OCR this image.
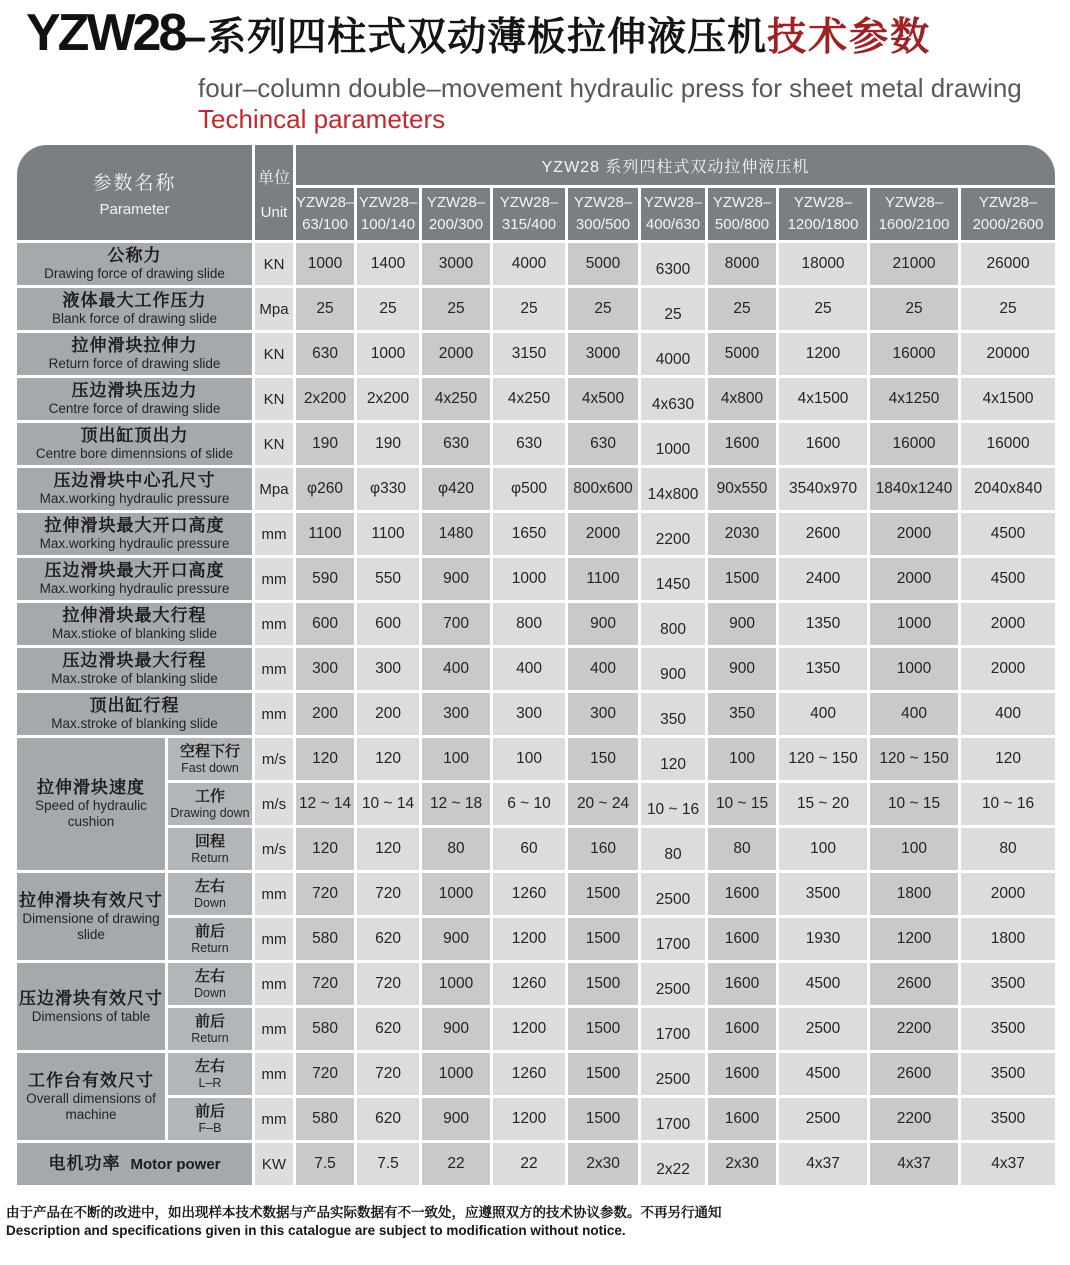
YZW28–系列四柱式双动薄板拉伸液压机技术参数
four–column double–movement hydraulic press for sheet metal drawing
Techincal parameters
参数名称
Parameter

单位
Unit
	YZW28 系列四柱式双动拉伸液压机

YZW28–
63/100

YZW28–
100/140

YZW28–
200/300

YZW28–
315/400

YZW28–
300/500

YZW28–
400/630

YZW28–
500/800

YZW28–
1200/1800

YZW28–
1600/2100

YZW28–
2000/2600

公称力
Drawing force of drawing slide		KN	1000	1400	3000	4000	5000	6300	8000	18000	21000	26000

液体最大工作压力
Blank force of drawing slide		Mpa	25	25	25	25	25	25	25	25	25	25

拉伸滑块拉伸力
Return force of drawing slide		KN	630	1000	2000	3150	3000	4000	5000	1200	16000	20000

压边滑块压边力
Centre force of drawing slide		KN	2x200	2x200	4x250	4x250	4x500	4x630	4x800	4x1500	4x1250	4x1500

顶出缸顶出力
Centre bore dimennsions of slide		KN	190	190	630	630	630	1000	1600	1600	16000	16000

压边滑块中心孔尺寸
Max.working hydraulic pressure		Mpa	φ260	φ330	φ420	φ500	800x600	14x800	90x550	3540x970	1840x1240	2040x840

拉伸滑块最大开口高度
Max.working hydraulic pressure		mm	1100	1100	1480	1650	2000	2200	2030	2600	2000	4500

压边滑块最大开口高度
Max.working hydraulic pressure		mm	590	550	900	1000	1100	1450	1500	2400	2000	4500

拉伸滑块最大行程
Max.stioke of blanking slide		mm	600	600	700	800	900	800	900	1350	1000	2000

压边滑块最大行程
Max.stroke of blanking slide		mm	300	300	400	400	400	900	900	1350	1000	2000

顶出缸行程
Max.stroke of blanking slide		mm	200	200	300	300	300	350	350	400	400	400

拉伸滑块速度
Speed of hydraulic cushion

空程下行
Fast down	m/s	120	120	100	100	150	120	100	120 ~ 150	120 ~ 150	120

	工作
Drawing down	m/s	12 ~ 14	10 ~ 14	12 ~ 18	6 ~ 10	20 ~ 24	10 ~ 16	10 ~ 15	15 ~ 20	10 ~ 15	10 ~ 16

	回程
Return	m/s	120	120	80	60	160	80	80	100	100	80

拉伸滑块有效尺寸
Dimensione of drawing slide

左右
Down	mm	720	720	1000	1260	1500	2500	1600	3500	1800	2000

	前后
Return	mm	580	620	900	1200	1500	1700	1600	1930	1200	1800

压边滑块有效尺寸
Dimensions of table

左右
Down	mm	720	720	1000	1260	1500	2500	1600	4500	2600	3500

	前后
Return	mm	580	620	900	1200	1500	1700	1600	2500	2200	3500

工作台有效尺寸
Overall dimensions of machine

左右
L–R	mm	720	720	1000	1260	1500	2500	1600	4500	2600	3500

	前后
F–B	mm	580	620	900	1200	1500	1700	1600	2500	2200	3500
电机功率 Motor power		KW	7.5	7.5	22	22	2x30	2x22	2x30	4x37	4x37	4x37
由于产品在不断的改进中，如出现样本技术数据与产品实际数据有不一致处，应遵照双方的技术协议参数。不再另行通知
Description and specifications given in this catalogue are subject to modification without notice.
